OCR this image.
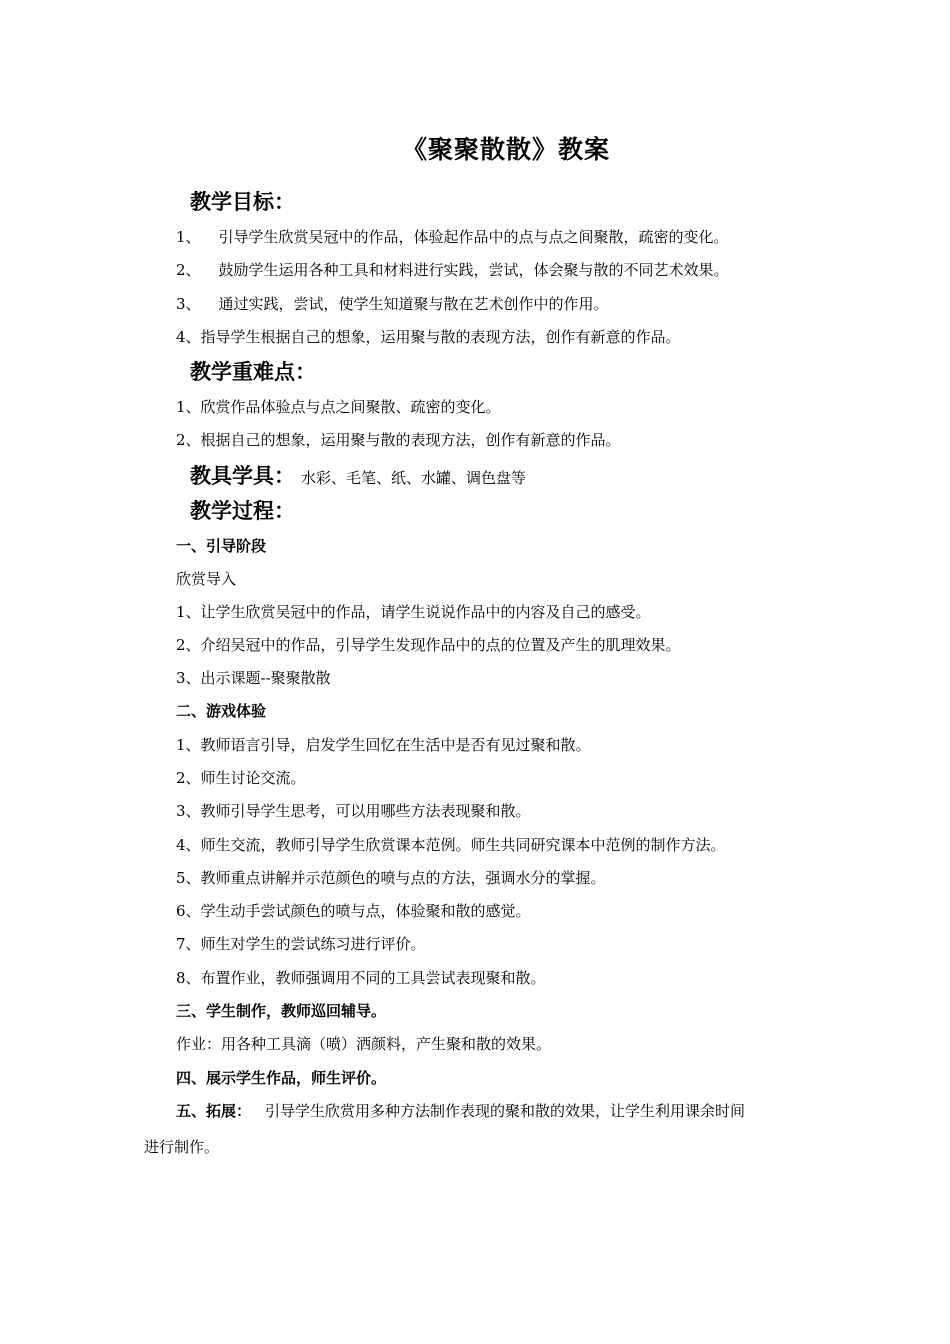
《聚聚散散》教案
教学目标：
1、 引导学生欣赏吴冠中的作品，体验起作品中的点与点之间聚散，疏密的变化。
2、 鼓励学生运用各种工具和材料进行实践，尝试，体会聚与散的不同艺术效果。
3、 通过实践，尝试，使学生知道聚与散在艺术创作中的作用。
4、指导学生根据自己的想象，运用聚与散的表现方法，创作有新意的作品。
教学重难点：
1、欣赏作品体验点与点之间聚散、疏密的变化。
2、根据自己的想象，运用聚与散的表现方法，创作有新意的作品。
教具学具： 水彩、毛笔、纸、水罐、调色盘等
教学过程：
一、引导阶段
欣赏导入
1、让学生欣赏吴冠中的作品，请学生说说作品中的内容及自己的感受。
2、介绍吴冠中的作品，引导学生发现作品中的点的位置及产生的肌理效果。
3、出示课题--聚聚散散
二、游戏体验
1、教师语言引导，启发学生回忆在生活中是否有见过聚和散。
2、师生讨论交流。
3、教师引导学生思考，可以用哪些方法表现聚和散。
4、师生交流，教师引导学生欣赏课本范例。师生共同研究课本中范例的制作方法。
5、教师重点讲解并示范颜色的喷与点的方法，强调水分的掌握。
6、学生动手尝试颜色的喷与点，体验聚和散的感觉。
7、师生对学生的尝试练习进行评价。
8、布置作业，教师强调用不同的工具尝试表现聚和散。
三、学生制作，教师巡回辅导。
作业：用各种工具滴（喷）洒颜料，产生聚和散的效果。
四、展示学生作品，师生评价。
五、拓展： 引导学生欣赏用多种方法制作表现的聚和散的效果，让学生利用课余时间
进行制作。
